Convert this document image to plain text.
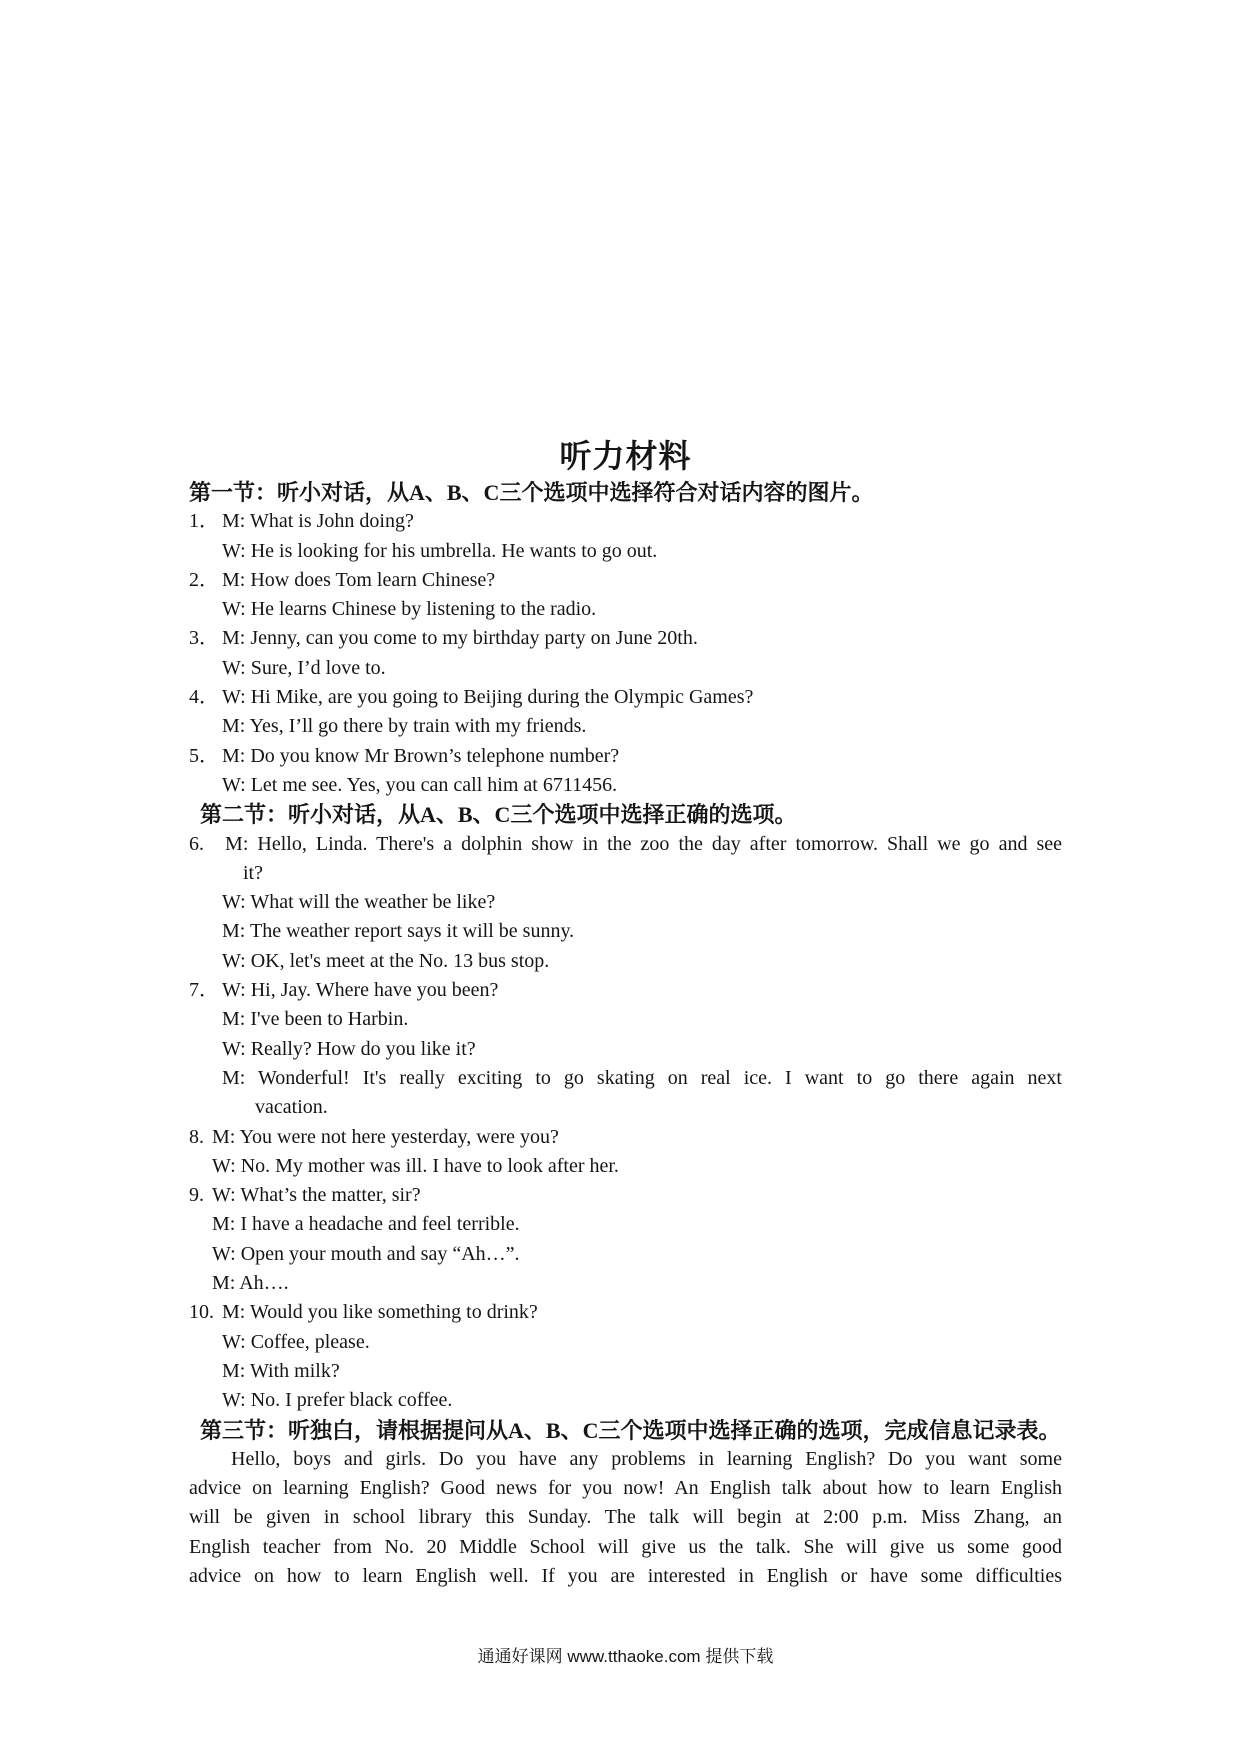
听力材料
第一节：听小对话，从A、B、C三个选项中选择符合对话内容的图片。
1． M: What is John doing?
W: He is looking for his umbrella. He wants to go out.
2． M: How does Tom learn Chinese?
W: He learns Chinese by listening to the radio.
3． M: Jenny, can you come to my birthday party on June 20th.
W: Sure, I’d love to.
4． W: Hi Mike, are you going to Beijing during the Olympic Games?
M: Yes, I’ll go there by train with my friends.
5． M: Do you know Mr Brown’s telephone number?
W: Let me see. Yes, you can call him at 6711456.
第二节：听小对话，从A、B、C三个选项中选择正确的选项。
6. M: Hello, Linda. There's a dolphin show in the zoo the day after tomorrow. Shall we go and see
it?
W: What will the weather be like?
M: The weather report says it will be sunny.
W: OK, let's meet at the No. 13 bus stop.
7． W: Hi, Jay. Where have you been?
M: I've been to Harbin.
W: Really? How do you like it?
M: Wonderful! It's really exciting to go skating on real ice. I want to go there again next
vacation.
8. M: You were not here yesterday, were you?
W: No. My mother was ill. I have to look after her.
9. W: What’s the matter, sir?
M: I have a headache and feel terrible.
W: Open your mouth and say “Ah…”.
M: Ah….
10. M: Would you like something to drink?
W: Coffee, please.
M: With milk?
W: No. I prefer black coffee.
第三节：听独白，请根据提问从A、B、C三个选项中选择正确的选项，完成信息记录表。
Hello, boys and girls. Do you have any problems in learning English? Do you want some
advice on learning English? Good news for you now! An English talk about how to learn English
will be given in school library this Sunday. The talk will begin at 2:00 p.m. Miss Zhang, an
English teacher from No. 20 Middle School will give us the talk. She will give us some good
advice on how to learn English well. If you are interested in English or have some difficulties
通通好课网 www.tthaoke.com 提供下载
